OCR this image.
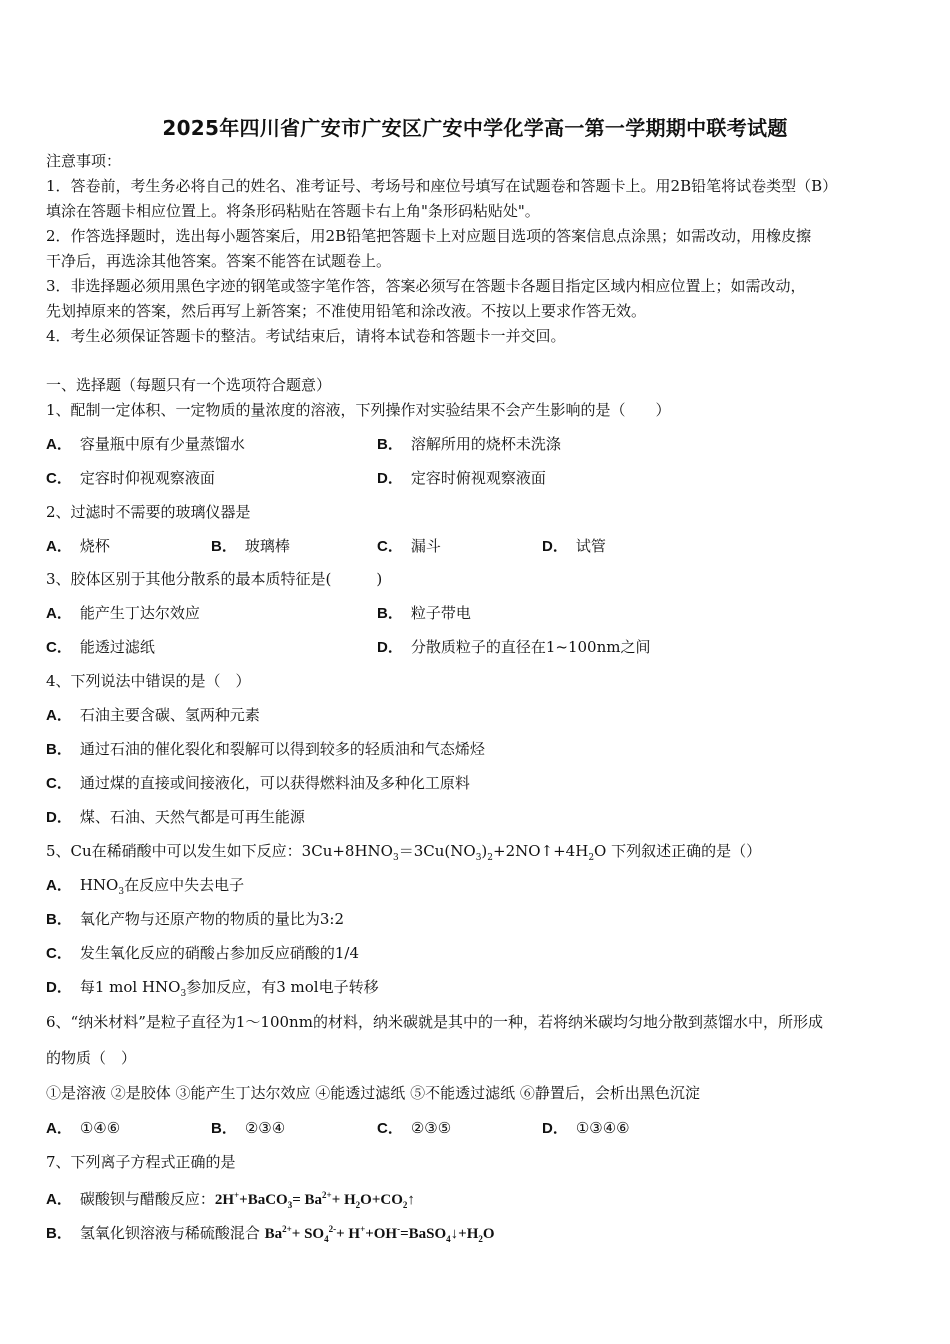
2025年四川省广安市广安区广安中学化学高一第一学期期中联考试题
注意事项：
1．答卷前，考生务必将自己的姓名、准考证号、考场号和座位号填写在试题卷和答题卡上。用2B铅笔将试卷类型（B）
填涂在答题卡相应位置上。将条形码粘贴在答题卡右上角"条形码粘贴处"。
2．作答选择题时，选出每小题答案后，用2B铅笔把答题卡上对应题目选项的答案信息点涂黑；如需改动，用橡皮擦
干净后，再选涂其他答案。答案不能答在试题卷上。
3．非选择题必须用黑色字迹的钢笔或签字笔作答，答案必须写在答题卡各题目指定区域内相应位置上；如需改动，
先划掉原来的答案，然后再写上新答案；不准使用铅笔和涂改液。不按以上要求作答无效。
4．考生必须保证答题卡的整洁。考试结束后，请将本试卷和答题卡一并交回。
一、选择题（每题只有一个选项符合题意）
1、配制一定体积、一定物质的量浓度的溶液，下列操作对实验结果不会产生影响的是（　　）
A． 容量瓶中原有少量蒸馏水	B． 溶解所用的烧杯未洗涤
C． 定容时仰视观察液面	D． 定容时俯视观察液面
2、过滤时不需要的玻璃仪器是
A． 烧杯	B． 玻璃棒	C． 漏斗	D． 试管
3、胶体区别于其他分散系的最本质特征是(　　　)
A． 能产生丁达尔效应	B． 粒子带电
C． 能透过滤纸	D． 分散质粒子的直径在1~100nm之间
4、下列说法中错误的是（　）
A． 石油主要含碳、氢两种元素
B． 通过石油的催化裂化和裂解可以得到较多的轻质油和气态烯烃
C． 通过煤的直接或间接液化，可以获得燃料油及多种化工原料
D． 煤、石油、天然气都是可再生能源
5、Cu在稀硝酸中可以发生如下反应：$3Cu+8HNO_3=3Cu(NO_3)_2+2NO↑+4H_2O$ 下列叙述正确的是（）
A． $HNO_3$在反应中失去电子
B． 氧化产物与还原产物的物质的量比为3:2
C． 发生氧化反应的硝酸占参加反应硝酸的1/4
D． 每1 mol $HNO_3$参加反应，有3 mol电子转移
6、“纳米材料”是粒子直径为1～100nm的材料，纳米碳就是其中的一种，若将纳米碳均匀地分散到蒸馏水中，所形成
的物质（　）
①是溶液 ②是胶体 ③能产生丁达尔效应 ④能透过滤纸 ⑤不能透过滤纸 ⑥静置后，会析出黑色沉淀
A． ①④⑥	B． ②③④	C． ②③⑤	D． ①③④⑥
7、下列离子方程式正确的是
A． 碳酸钡与醋酸反应：2H++BaCO$_3$= $Ba^{2+}+$ $H_2O+CO_2↑$
B． 氢氧化钡溶液与稀硫酸混合 $Ba^{2+}+ SO_4^{2-}+$ $H^++OH^-=BaSO_4↓+H_2O$
